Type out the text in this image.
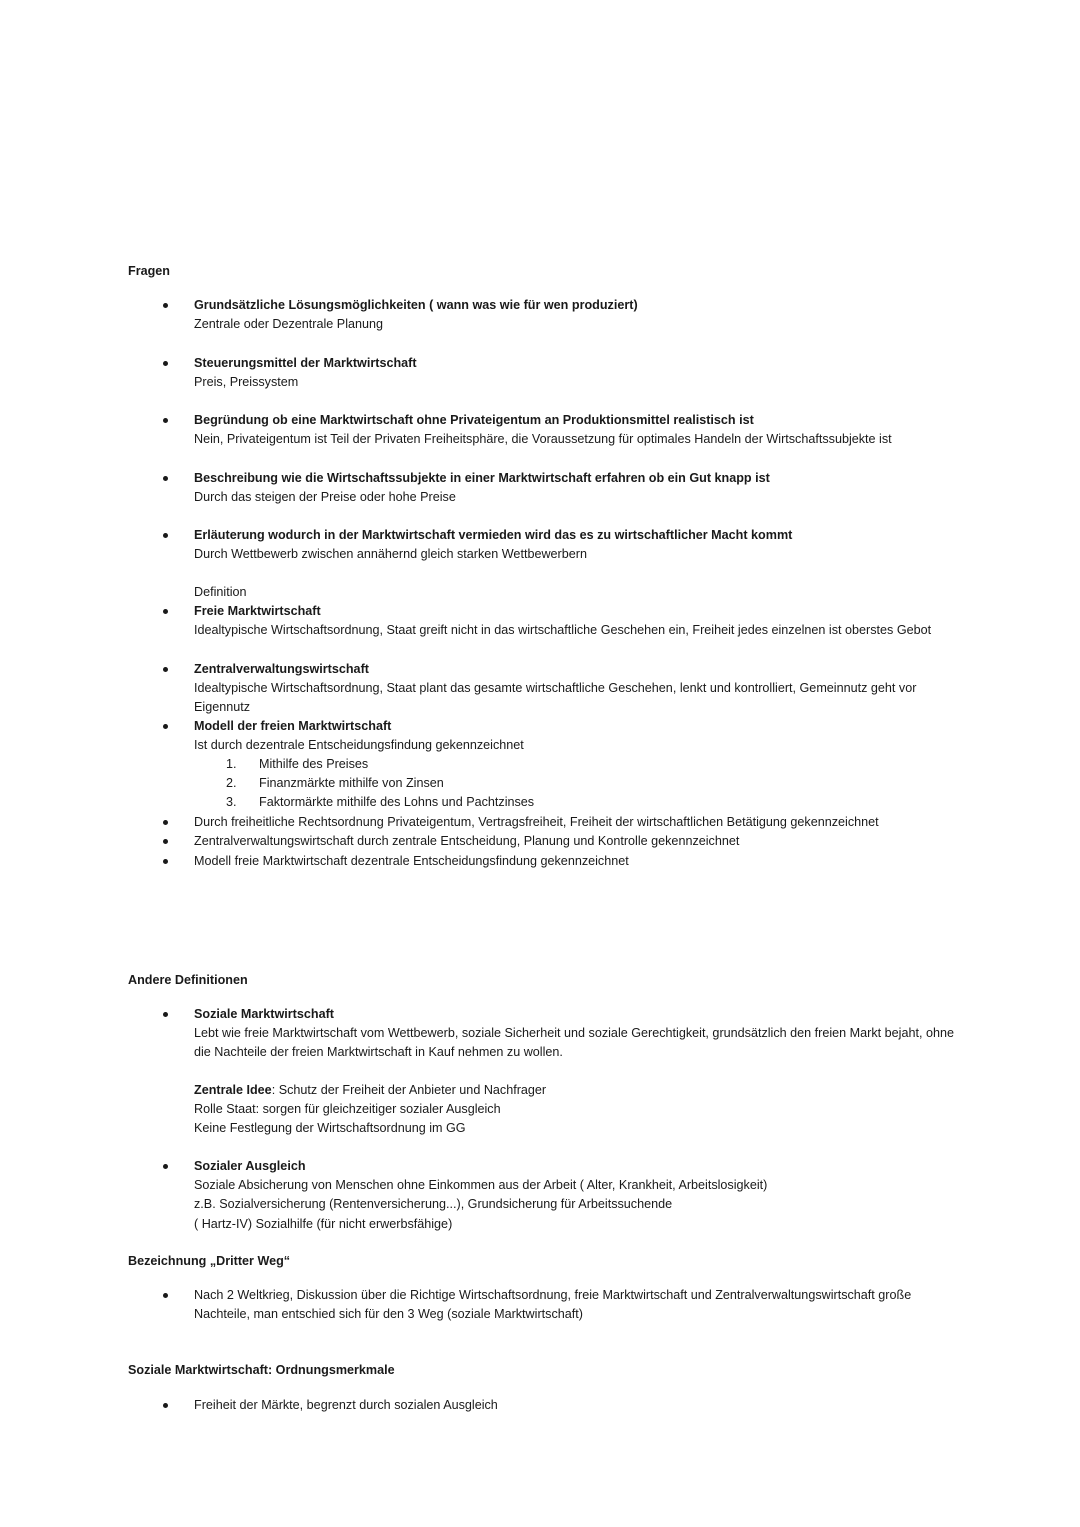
Fragen
Grundsätzliche Lösungsmöglichkeiten ( wann was wie für wen produziert)
Zentrale oder Dezentrale Planung
Steuerungsmittel der Marktwirtschaft
Preis, Preissystem
Begründung ob eine Marktwirtschaft ohne Privateigentum an Produktionsmittel realistisch ist
Nein, Privateigentum ist Teil der Privaten Freiheitsphäre, die Voraussetzung für optimales Handeln der Wirtschaftssubjekte ist
Beschreibung wie die Wirtschaftssubjekte in einer Marktwirtschaft erfahren ob ein Gut knapp ist
Durch das steigen der Preise oder hohe Preise
Erläuterung wodurch in der Marktwirtschaft vermieden wird das es zu wirtschaftlicher Macht kommt
Durch Wettbewerb zwischen annähernd gleich starken Wettbewerbern
Definition
Freie Marktwirtschaft
Idealtypische Wirtschaftsordnung, Staat greift nicht in das wirtschaftliche Geschehen ein, Freiheit jedes einzelnen ist oberstes Gebot
Zentralverwaltungswirtschaft
Idealtypische Wirtschaftsordnung, Staat plant das gesamte wirtschaftliche Geschehen, lenkt und kontrolliert, Gemeinnutz geht vor Eigennutz
Modell der freien Marktwirtschaft
Ist durch dezentrale Entscheidungsfindung gekennzeichnet
1. Mithilfe des Preises
2. Finanzmärkte mithilfe von Zinsen
3. Faktormärkte mithilfe des Lohns und Pachtzinses
Durch freiheitliche Rechtsordnung Privateigentum, Vertragsfreiheit, Freiheit der wirtschaftlichen Betätigung gekennzeichnet
Zentralverwaltungswirtschaft durch zentrale Entscheidung, Planung und Kontrolle gekennzeichnet
Modell freie Marktwirtschaft dezentrale Entscheidungsfindung gekennzeichnet
Andere Definitionen
Soziale Marktwirtschaft
Lebt wie freie Marktwirtschaft vom Wettbewerb, soziale Sicherheit und soziale Gerechtigkeit, grundsätzlich den freien Markt bejaht, ohne die Nachteile der freien Marktwirtschaft in Kauf nehmen zu wollen.
Zentrale Idee: Schutz der Freiheit der Anbieter und Nachfrager
Rolle Staat: sorgen für gleichzeitiger sozialer Ausgleich
Keine Festlegung der Wirtschaftsordnung im GG
Sozialer Ausgleich
Soziale Absicherung von Menschen ohne Einkommen aus der Arbeit ( Alter, Krankheit, Arbeitslosigkeit)
z.B. Sozialversicherung (Rentenversicherung...), Grundsicherung für Arbeitssuchende
( Hartz-IV) Sozialhilfe (für nicht erwerbsfähige)
Bezeichnung „Dritter Weg“
Nach 2 Weltkrieg, Diskussion über die Richtige Wirtschaftsordnung, freie Marktwirtschaft und Zentralverwaltungswirtschaft große Nachteile, man entschied sich für den 3 Weg (soziale Marktwirtschaft)
Soziale Marktwirtschaft: Ordnungsmerkmale
Freiheit der Märkte, begrenzt durch sozialen Ausgleich
